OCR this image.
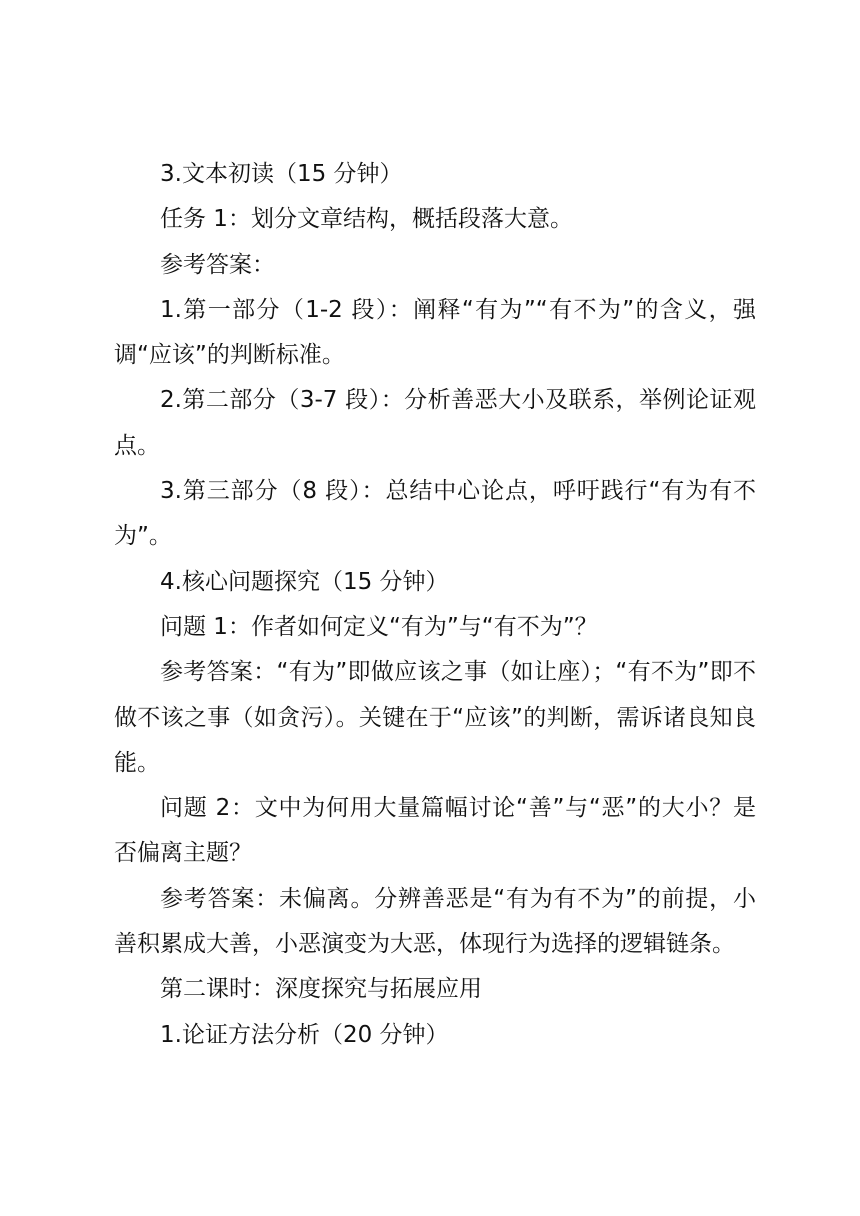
3.文本初读（15 分钟）

任务 1：划分文章结构，概括段落大意。

参考答案：

1.第一部分（1-2 段）：阐释“有为”“有不为”的含义，强调“应该”的判断标准。

2.第二部分（3-7 段）：分析善恶大小及联系，举例论证观点。

3.第三部分（8 段）：总结中心论点，呼吁践行“有为有不为”。

4.核心问题探究（15 分钟）

问题 1：作者如何定义“有为”与“有不为”？

参考答案：“有为”即做应该之事（如让座）；“有不为”即不做不该之事（如贪污）。关键在于“应该”的判断，需诉诸良知良能。

问题 2：文中为何用大量篇幅讨论“善”与“恶”的大小？是否偏离主题？

参考答案：未偏离。分辨善恶是“有为有不为”的前提，小善积累成大善，小恶演变为大恶，体现行为选择的逻辑链条。

第二课时：深度探究与拓展应用

1.论证方法分析（20 分钟）
